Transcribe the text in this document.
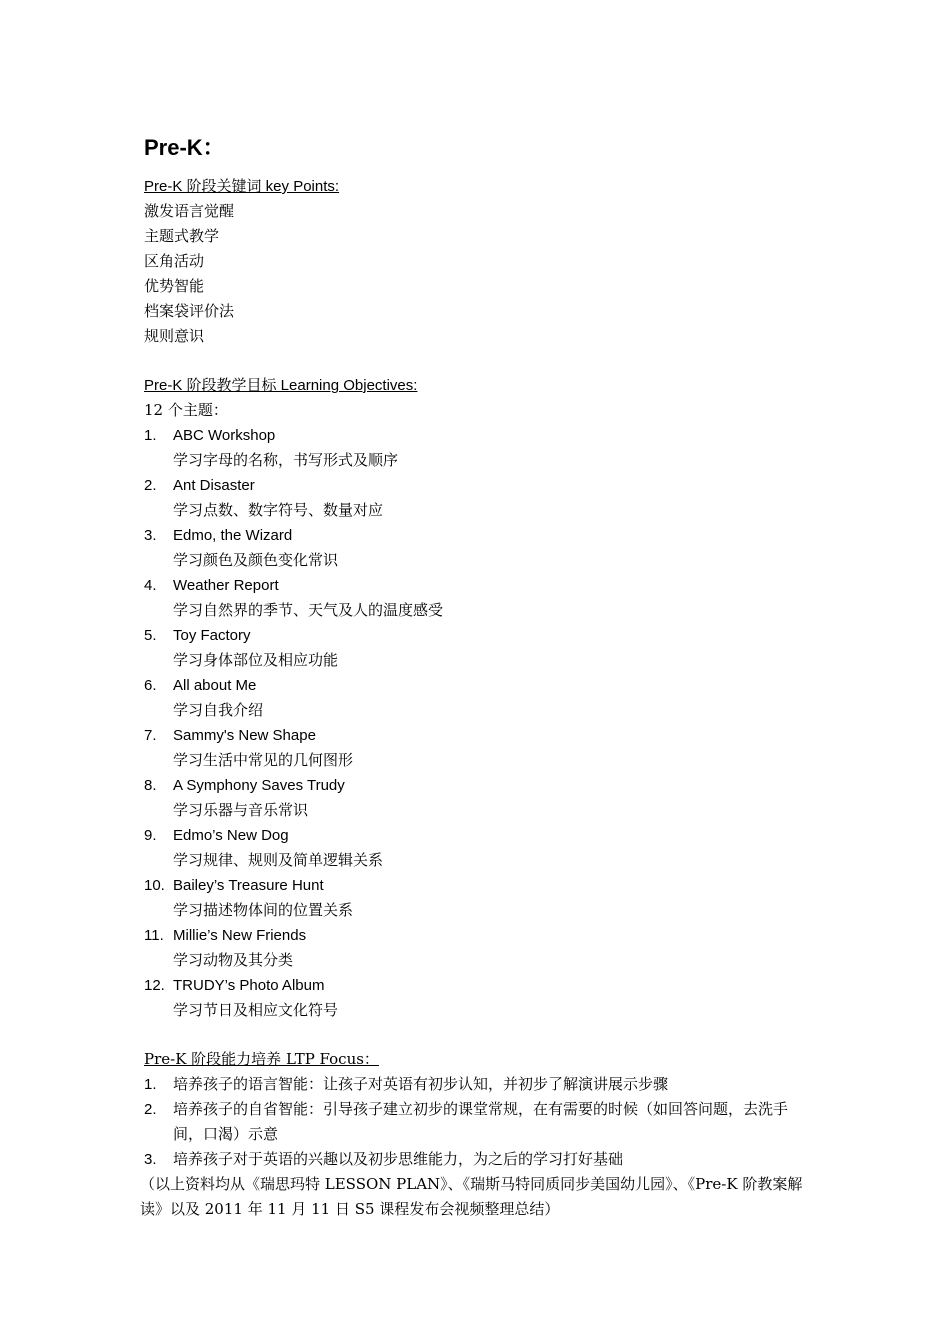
Pre-K：
Pre-K 阶段关键词 key Points:
激发语言觉醒
主题式教学
区角活动
优势智能
档案袋评价法
规则意识
Pre-K 阶段教学目标 Learning Objectives:
12 个主题：
1.	ABC Workshop
学习字母的名称，书写形式及顺序
2.	Ant Disaster
学习点数、数字符号、数量对应
3.	Edmo, the Wizard
学习颜色及颜色变化常识
4.	Weather Report
学习自然界的季节、天气及人的温度感受
5.	Toy Factory
学习身体部位及相应功能
6.	All about Me
学习自我介绍
7.	Sammy's New Shape
学习生活中常见的几何图形
8.	A Symphony Saves Trudy
学习乐器与音乐常识
9.	Edmo’s New Dog
学习规律、规则及简单逻辑关系
10. Bailey’s Treasure Hunt
学习描述物体间的位置关系
11. Millie’s New Friends
学习动物及其分类
12. TRUDY’s Photo Album
学习节日及相应文化符号
Pre-K 阶段能力培养 LTP Focus：
1.	培养孩子的语言智能：让孩子对英语有初步认知，并初步了解演讲展示步骤
2.	培养孩子的自省智能：引导孩子建立初步的课堂常规，在有需要的时候（如回答问题，去洗手间，口渴）示意
3.	培养孩子对于英语的兴趣以及初步思维能力，为之后的学习打好基础
（以上资料均从《瑞思玛特 LESSON PLAN》、《瑞斯马特同质同步美国幼儿园》、《Pre-K 阶教案解读》以及 2011 年 11 月 11 日 S5 课程发布会视频整理总结）
